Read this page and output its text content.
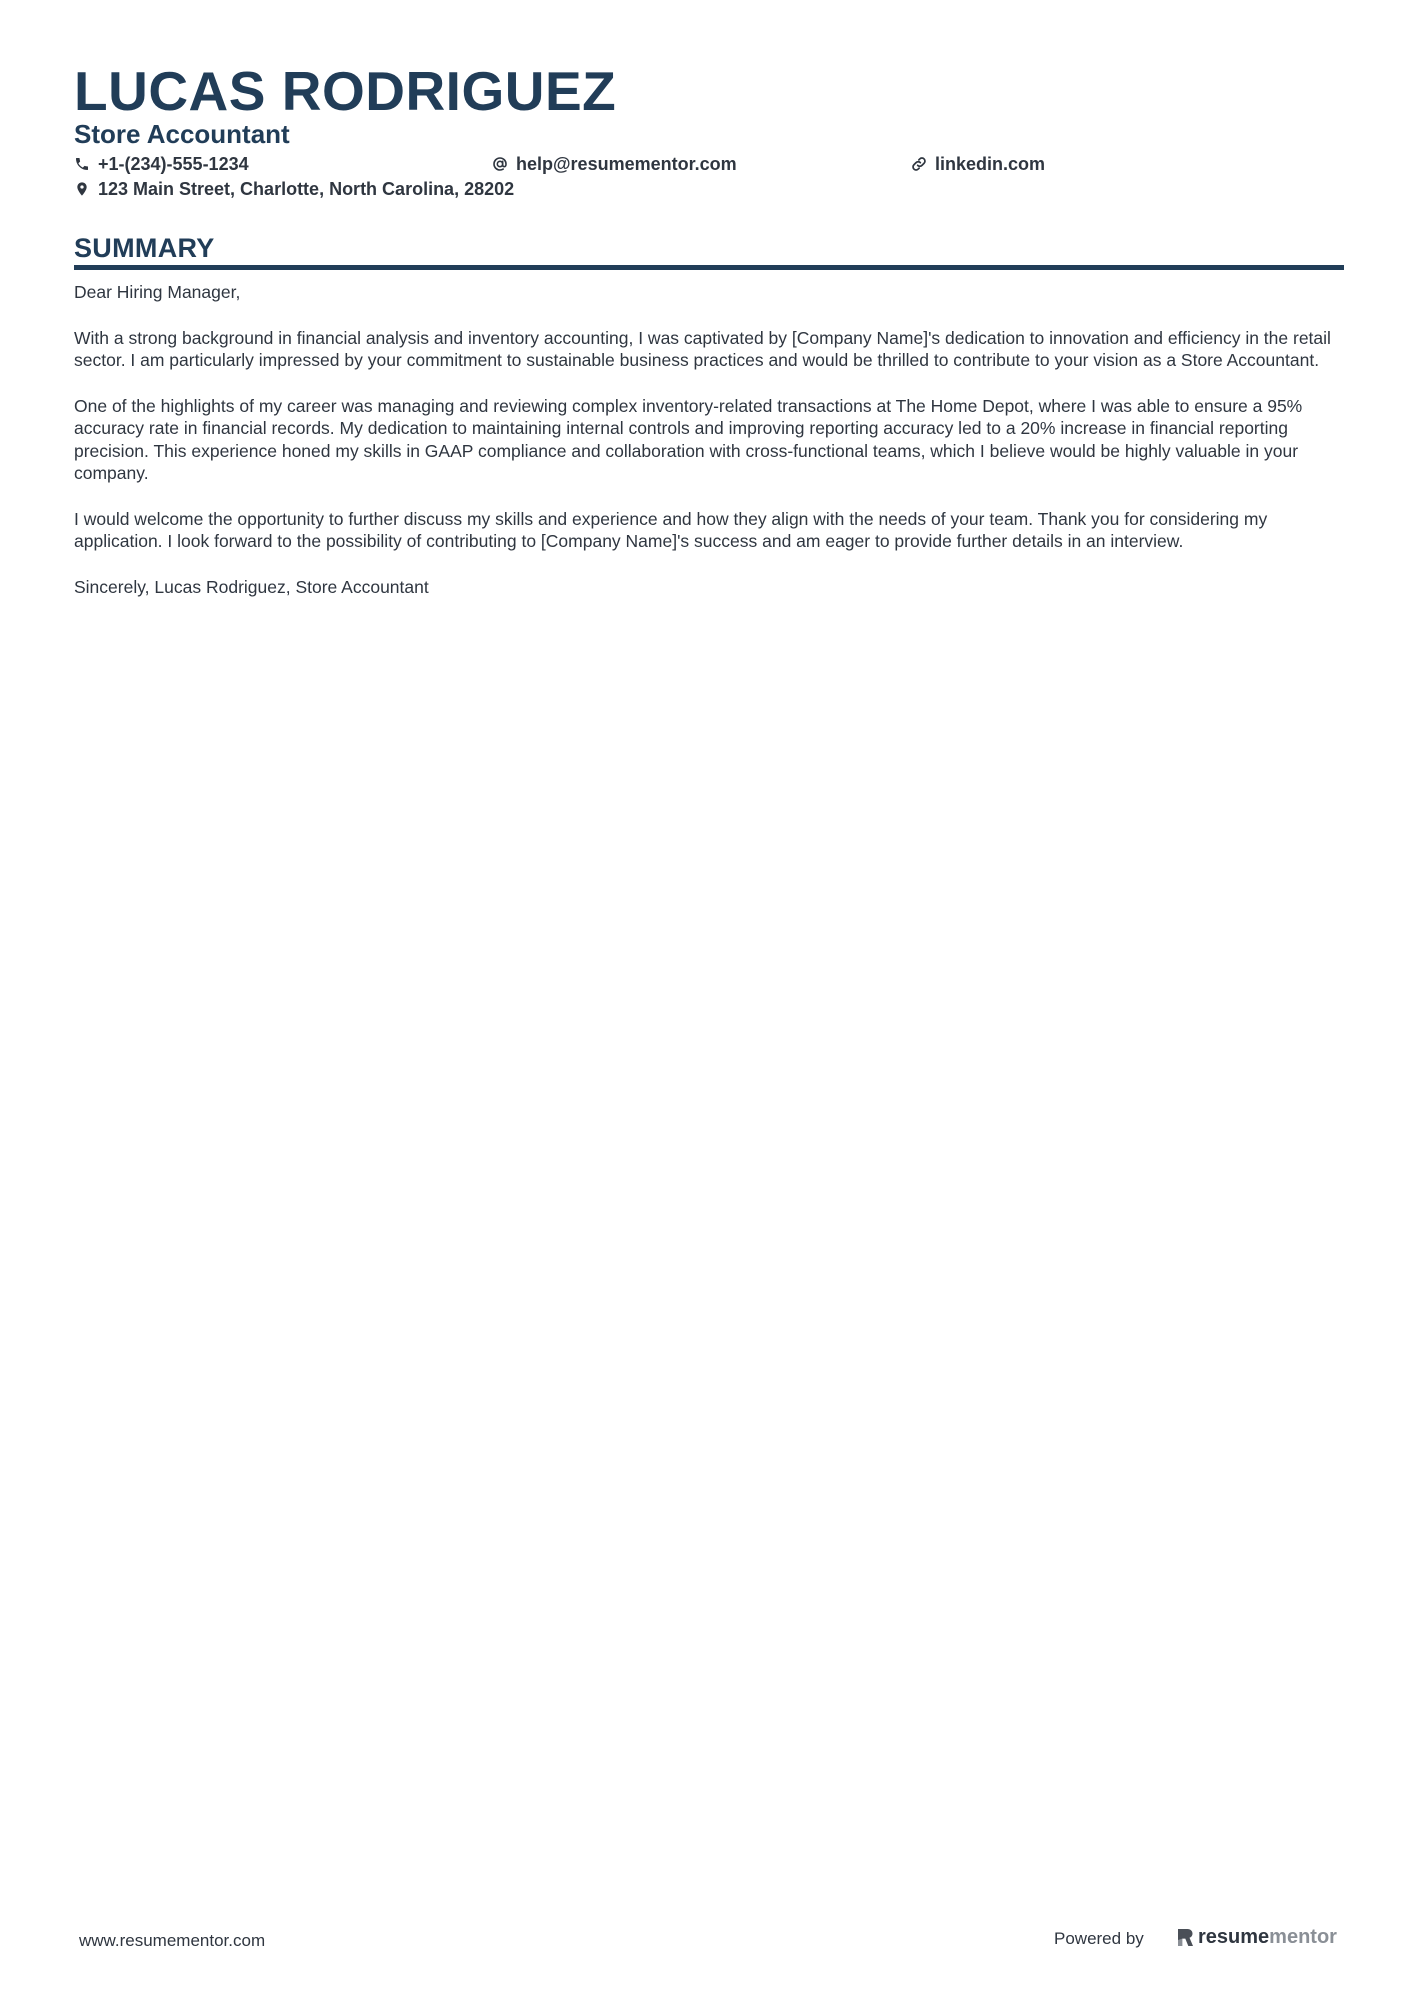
LUCAS RODRIGUEZ
Store Accountant
+1-(234)-555-1234	help@resumementor.com	linkedin.com
123 Main Street, Charlotte, North Carolina, 28202
SUMMARY

Dear Hiring Manager,

With a strong background in financial analysis and inventory accounting, I was captivated by [Company Name]'s dedication to innovation and efficiency in the retail sector. I am particularly impressed by your commitment to sustainable business practices and would be thrilled to contribute to your vision as a Store Accountant.

One of the highlights of my career was managing and reviewing complex inventory-related transactions at The Home Depot, where I was able to ensure a 95% accuracy rate in financial records. My dedication to maintaining internal controls and improving reporting accuracy led to a 20% increase in financial reporting precision. This experience honed my skills in GAAP compliance and collaboration with cross-functional teams, which I believe would be highly valuable in your company.

I would welcome the opportunity to further discuss my skills and experience and how they align with the needs of your team. Thank you for considering my application. I look forward to the possibility of contributing to [Company Name]'s success and am eager to provide further details in an interview.

Sincerely, Lucas Rodriguez, Store Accountant

www.resumementor.com	Powered by	resume mentor
